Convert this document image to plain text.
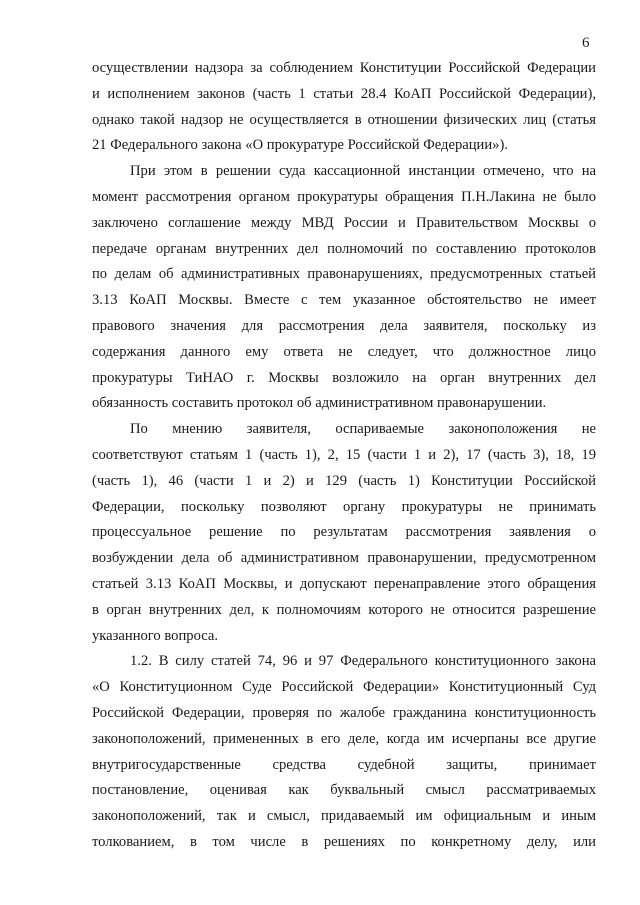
6
осуществлении надзора за соблюдением Конституции Российской Федерации
и исполнением законов (часть 1 статьи 28.4 КоАП Российской Федерации),
однако такой надзор не осуществляется в отношении физических лиц (статья
21 Федерального закона «О прокуратуре Российской Федерации»).
При этом в решении суда кассационной инстанции отмечено, что на
момент рассмотрения органом прокуратуры обращения П.Н.Лакина не было
заключено соглашение между МВД России и Правительством Москвы о
передаче органам внутренних дел полномочий по составлению протоколов
по делам об административных правонарушениях, предусмотренных статьей
3.13 КоАП Москвы. Вместе с тем указанное обстоятельство не имеет
правового значения для рассмотрения дела заявителя, поскольку из
содержания данного ему ответа не следует, что должностное лицо
прокуратуры ТиНАО г. Москвы возложило на орган внутренних дел
обязанность составить протокол об административном правонарушении.
По мнению заявителя, оспариваемые законоположения не
соответствуют статьям 1 (часть 1), 2, 15 (части 1 и 2), 17 (часть 3), 18, 19
(часть 1), 46 (части 1 и 2) и 129 (часть 1) Конституции Российской
Федерации, поскольку позволяют органу прокуратуры не принимать
процессуальное решение по результатам рассмотрения заявления о
возбуждении дела об административном правонарушении, предусмотренном
статьей 3.13 КоАП Москвы, и допускают перенаправление этого обращения
в орган внутренних дел, к полномочиям которого не относится разрешение
указанного вопроса.
1.2. В силу статей 74, 96 и 97 Федерального конституционного закона
«О Конституционном Суде Российской Федерации» Конституционный Суд
Российской Федерации, проверяя по жалобе гражданина конституционность
законоположений, примененных в его деле, когда им исчерпаны все другие
внутригосударственные средства судебной защиты, принимает
постановление, оценивая как буквальный смысл рассматриваемых
законоположений, так и смысл, придаваемый им официальным и иным
толкованием, в том числе в решениях по конкретному делу, или
